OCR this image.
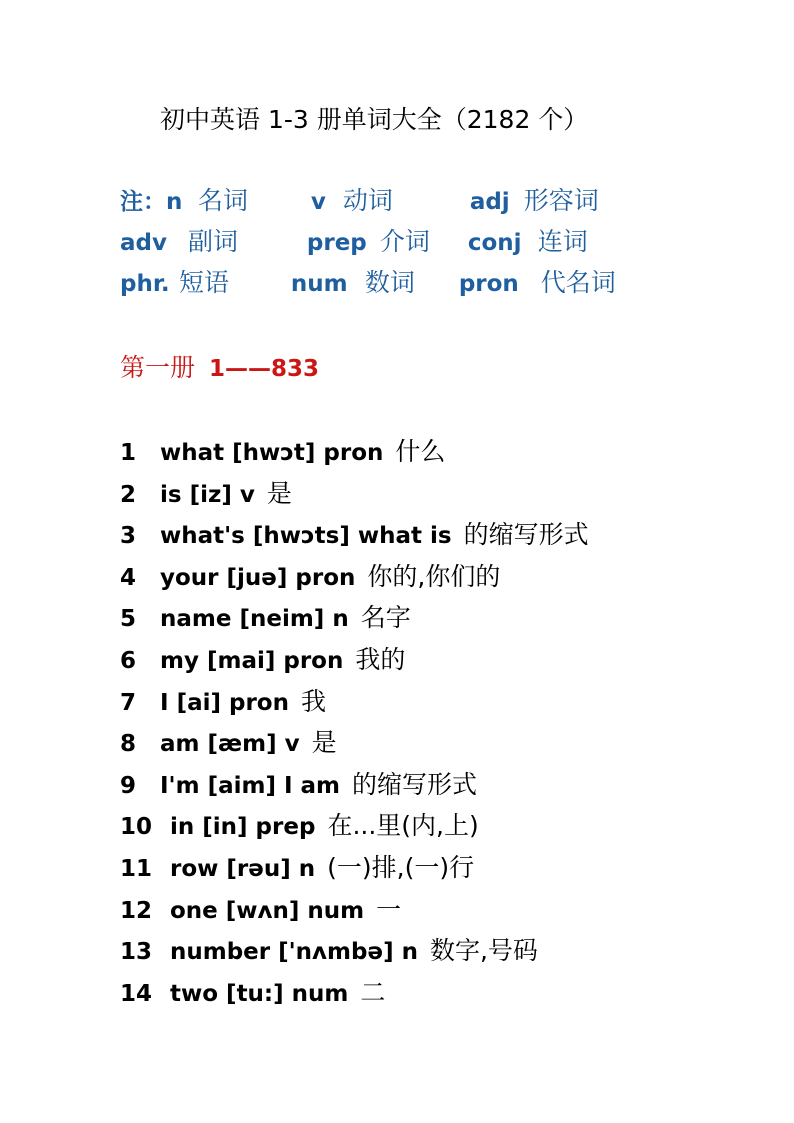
初中英语 1-3 册单词大全（2182 个）
注：n 名词	v 动词	adj 形容词
adv 副词	prep 介词 conj 连词
phr. 短语	num 数词 pron 代名词
第一册 1——833
1 what [hwɔt] pron 什么
2 is [iz] v 是
3 what's [hwɔts] what is 的缩写形式
4 your [juə] pron 你的,你们的
5 name [neim] n 名字
6 my [mai] pron 我的
7 I [ai] pron 我
8 am [æm] v 是
9 I'm [aim] I am 的缩写形式
10 in [in] prep 在...里(内,上)
11 row [rəu] n (一)排,(一)行
12 one [wʌn] num 一
13 number ['nʌmbə] n 数字,号码
14 two [tu:] num 二
